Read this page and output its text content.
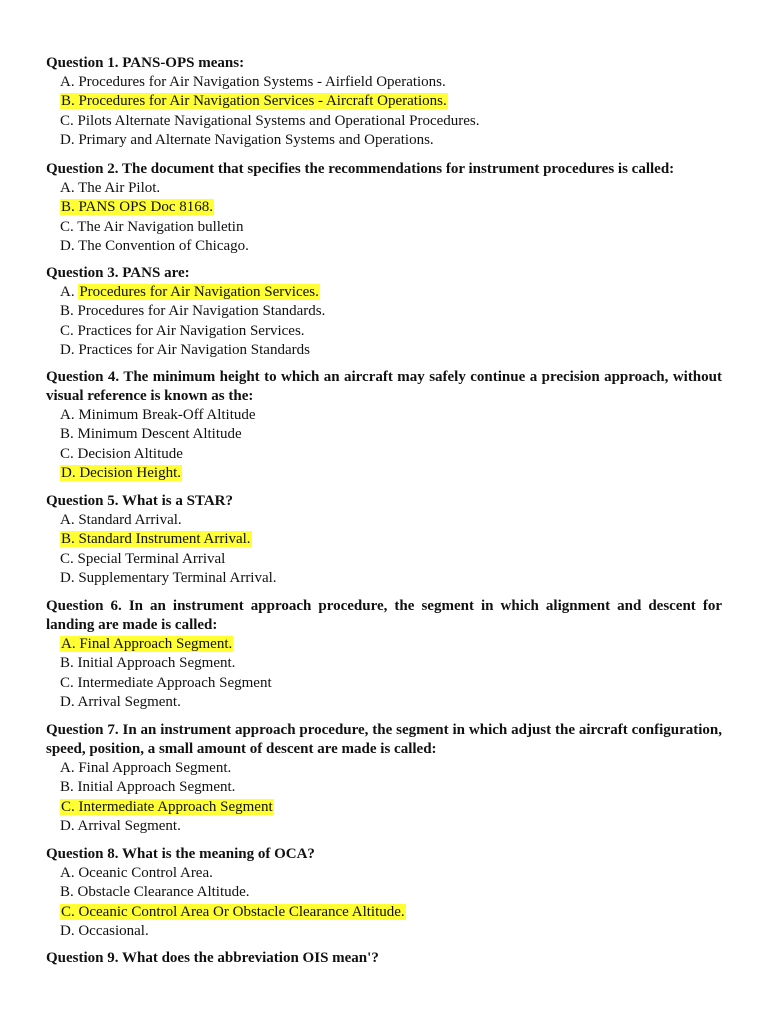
Question 1. PANS-OPS means:

A. Procedures for Air Navigation Systems - Airfield Operations.
B. Procedures for Air Navigation Services - Aircraft Operations.
C. Pilots Alternate Navigational Systems and Operational Procedures.
D. Primary and Alternate Navigation Systems and Operations.

Question 2. The document that specifies the recommendations for instrument procedures is called:

A. The Air Pilot.
B. PANS OPS Doc 8168.
C. The Air Navigation bulletin
D. The Convention of Chicago.

Question 3. PANS are:

A. Procedures for Air Navigation Services.
B. Procedures for Air Navigation Standards.
C. Practices for Air Navigation Services.
D. Practices for Air Navigation Standards

Question 4. The minimum height to which an aircraft may safely continue a precision approach, without visual reference is known as the:

A. Minimum Break-Off Altitude
B. Minimum Descent Altitude
C. Decision Altitude
D. Decision Height.

Question 5. What is a STAR?

A. Standard Arrival.
B. Standard Instrument Arrival.
C. Special Terminal Arrival
D. Supplementary Terminal Arrival.

Question 6. In an instrument approach procedure, the segment in which alignment and descent for landing are made is called:

A. Final Approach Segment.
B. Initial Approach Segment.
C. Intermediate Approach Segment
D. Arrival Segment.

Question 7. In an instrument approach procedure, the segment in which adjust the aircraft configuration, speed, position, a small amount of descent are made is called:

A. Final Approach Segment.
B. Initial Approach Segment.
C. Intermediate Approach Segment
D. Arrival Segment.

Question 8. What is the meaning of OCA?

A. Oceanic Control Area.
B. Obstacle Clearance Altitude.
C. Oceanic Control Area Or Obstacle Clearance Altitude.
D. Occasional.

Question 9. What does the abbreviation OIS mean'?
